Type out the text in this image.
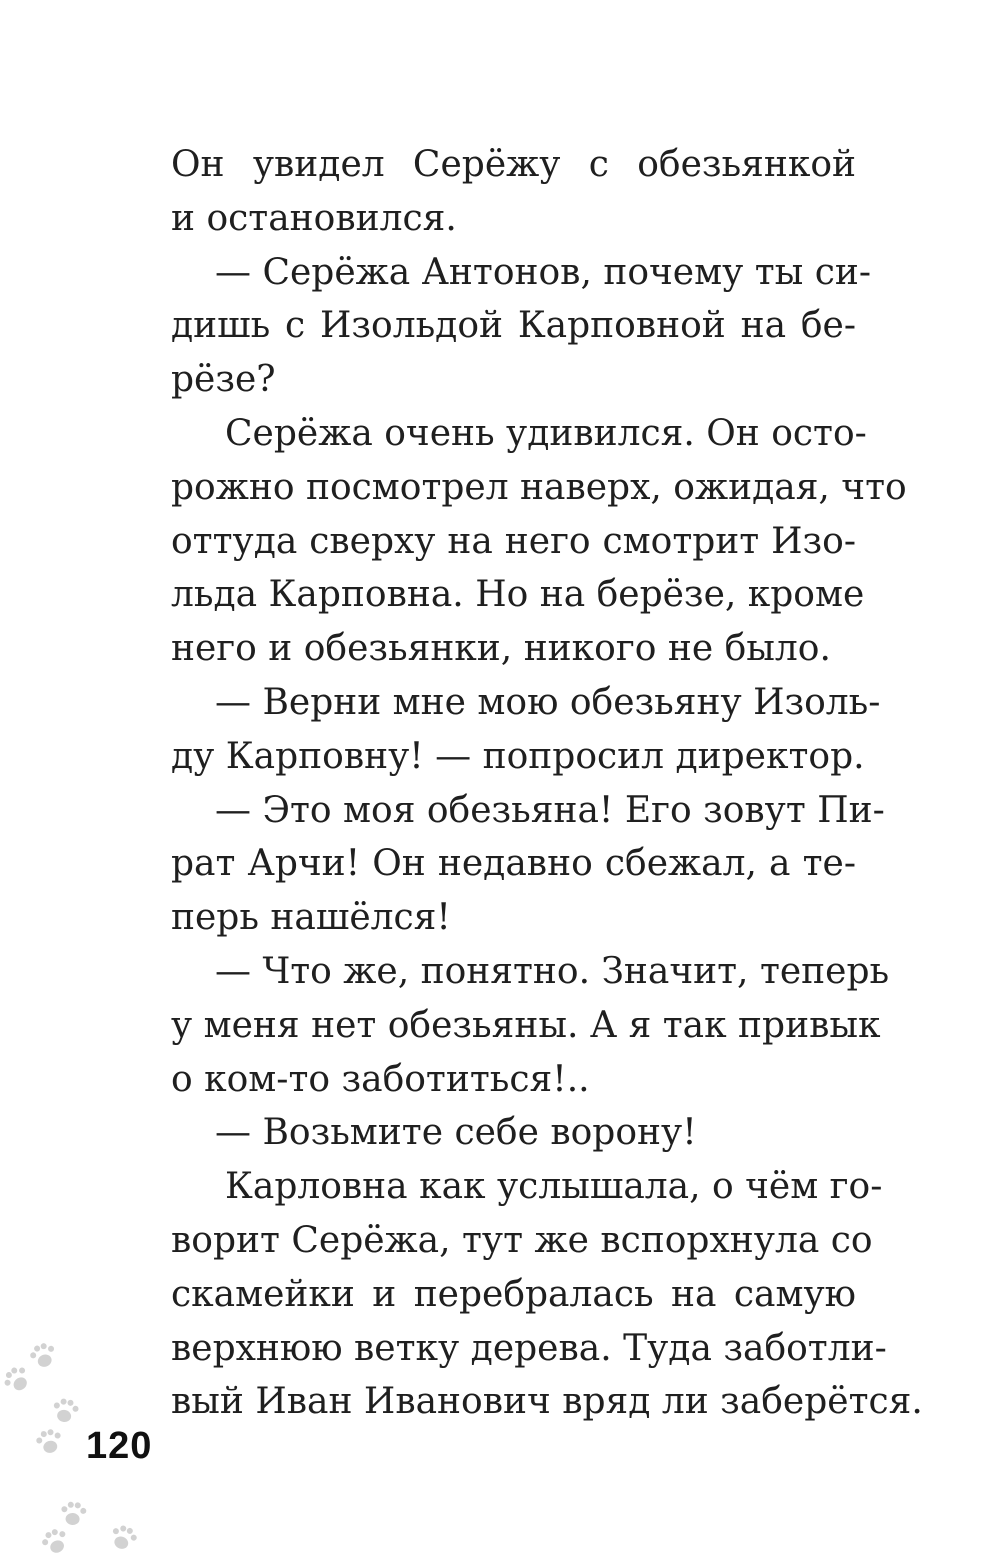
Он увидел Серёжу с обезьянкой
и остановился.
— Серёжа Антонов, почему ты си-
дишь с Изольдой Карповной на бе-
рёзе?
Серёжа очень удивился. Он осто-
рожно посмотрел наверх, ожидая, что
оттуда сверху на него смотрит Изо-
льда Карповна. Но на берёзе, кроме
него и обезьянки, никого не было.
— Верни мне мою обезьяну Изоль-
ду Карповну! — попросил директор.
— Это моя обезьяна! Его зовут Пи-
рат Арчи! Он недавно сбежал, а те-
перь нашёлся!
— Что же, понятно. Значит, теперь
у меня нет обезьяны. А я так привык
о ком-то заботиться!..
— Возьмите себе ворону!
Карловна как услышала, о чём го-
ворит Серёжа, тут же вспорхнула со
скамейки и перебралась на самую
верхнюю ветку дерева. Туда заботли-
вый Иван Иванович вряд ли заберётся.
120
